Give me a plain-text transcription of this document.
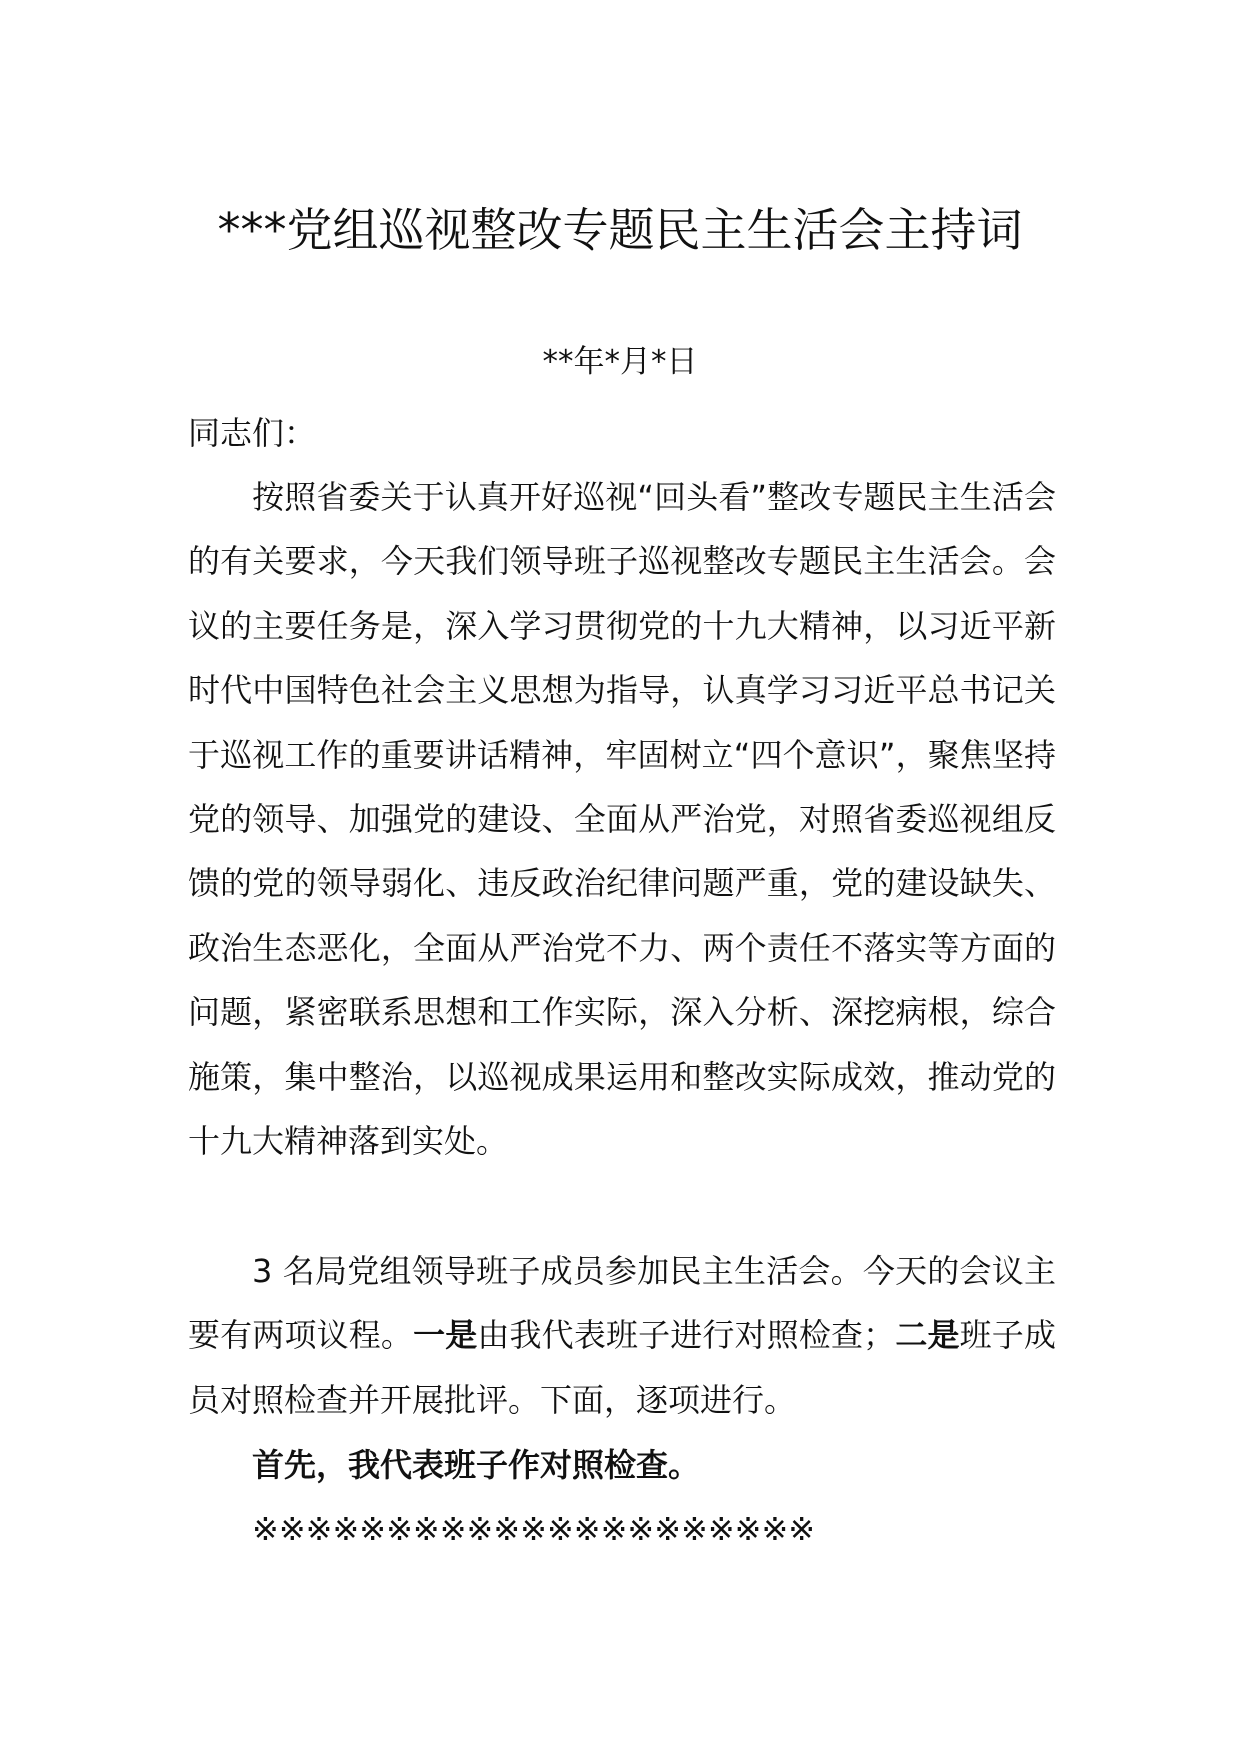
***党组巡视整改专题民主生活会主持词
**年*月*日
同志们：
按照省委关于认真开好巡视“回头看”整改专题民主生活会的有关要求，今天我们领导班子巡视整改专题民主生活会。会议的主要任务是，深入学习贯彻党的十九大精神，以习近平新时代中国特色社会主义思想为指导，认真学习习近平总书记关于巡视工作的重要讲话精神，牢固树立“四个意识”，聚焦坚持党的领导、加强党的建设、全面从严治党，对照省委巡视组反馈的党的领导弱化、违反政治纪律问题严重，党的建设缺失、政治生态恶化，全面从严治党不力、两个责任不落实等方面的问题，紧密联系思想和工作实际，深入分析、深挖病根，综合施策，集中整治，以巡视成果运用和整改实际成效，推动党的十九大精神落到实处。
3 名局党组领导班子成员参加民主生活会。今天的会议主要有两项议程。一是由我代表班子进行对照检查；二是班子成员对照检查并开展批评。下面，逐项进行。
首先，我代表班子作对照检查。
※※※※※※※※※※※※※※※※※※※※※
